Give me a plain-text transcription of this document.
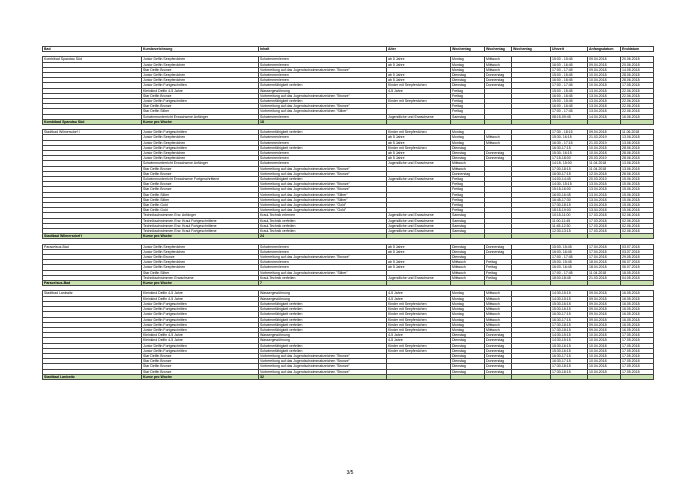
Bad	Kursbezeichnung	Inhalt	Alter	Wochentag	Wochentag	Wochentag	Uhrzeit	Anfangsdatum	Enddatum

Kombibad Spandau Süd	Junior Delfin Seepferdchen	Schwimmenlernen	ab 5 Jahre	Montag	Mittwoch		15:00 - 15:45	09.04.2018	20.06.2018
	Junior Delfin Seepferdchen	Schwimmenlernen	ab 5 Jahre	Montag	Mittwoch		16:00 - 16:45	09.04.2018	20.06.2018
	Star Delfin Bronze	Vorbereitung auf das Jugendschwimmabzeichen "Bronze"		Montag	Mittwoch		17:00 - 17:45	09.04.2018	14.05.2018
	Junior Delfin Seepferdchen	Schwimmenlernen	ab 5 Jahre	Dienstag	Donnerstag		15:00 - 15:45	10.04.2018	28.06.2018
	Junior Delfin Seepferdchen	Schwimmenlernen	ab 5 Jahre	Dienstag	Donnerstag		16:00 - 16:45	10.04.2018	28.06.2018
	Junior Delfin Fortgeschritten	Schwimmfähigkeit verfeilen	Kinder mit Seepferdchen	Dienstag	Donnerstag		17:00 - 17:45	10.04.2018	17.05.2018
	Kleinkind Delfin 4-5 Jahre	Wassergewöhnung	4-5 Jahre	Freitag			15:00 - 15:45	13.04.2018	22.06.2018
	Star Delfin Bronze	Vorbereitung auf das Jugendschwimmabzeichen "Bronze"		Freitag			16:00 - 16:45	13.04.2018	22.06.2018
	Junior Delfin Fortgeschritten	Schwimmfähigkeit verfeilen	Kinder mit Seepferdchen	Freitag			15:00 - 15:45	13.04.2018	22.06.2018
	Star Delfin Bronze	Vorbereitung auf das Jugendschwimmabzeichen "Bronze"		Freitag			16:00 - 16:45	13.04.2018	22.06.2018
	Star Delfin Silber	Vorbereitung auf das Jugendschwimmabzeichen "Silber"		Freitag			17:00 - 17:45	13.04.2018	22.06.2018
	Schwimmunterricht Erwachsene Anfänger	Schwimmenlernen	Jugendliche und Erwachsene	Samstag			08:15-09:45	14.04.2018	16.06.2018
Kombibad Spandau Süd	Kurse pro Woche	18							

Stadtbad Wilmersdorf I	Junior Delfin Fortgeschritten	Schwimmfähigkeit verfeilen	Kinder mit Seepferdchen	Montag			17:30 - 18:15	09.04.2018	11.06.2018
	Junior Delfin Seepferdchen	Schwimmenlernen	ab 5 Jahre	Montag	Mittwoch		15:30- 16:15	21.03.2019	13.06.2018
	Junior Delfin Seepferdchen	Schwimmenlernen	ab 5 Jahre	Montag	Mittwoch		16:30 - 17:15	21.03.2019	13.06.2018
	Junior Delfin Fortgeschritten	Schwimmfähigkeit verfeilen	Kinder mit Seepferdchen	Dienstag			16:30-17:15	10.04.2018	28.06.2018
	Junior Delfin Seepferdchen	Schwimmenlernen	ab 5 Jahre	Dienstag	Donnerstag		15:30- 16:15	10.04.2018	28.06.2018
	Junior Delfin Seepferdchen	Schwimmenlernen	ab 5 Jahre	Dienstag	Donnerstag		17:15-18:00	20.03.2019	28.06.2018
	Schwimmunterricht Erwachsene Anfänger	Schwimmenlernen	Jugendliche und Erwachsene	Mittwoch			14:15- 15:00	11.04.2018	13.06.2018
	Star Delfin Bronze	Vorbereitung auf das Jugendschwimmabzeichen "Bronze"		Mittwoch			17:30-18:15	11.04.2018	13.06.2018
	Star Delfin Bronze	Vorbereitung auf das Jugendschwimmabzeichen "Bronze"		Donnerstag			16:30-17:15	12.04.2018	28.06.2018
	Schwimmunterricht Erwachsene Fortgeschrittene	Schwimmfähigkeit verfeilen	Jugendliche und Erwachsene	Freitag			14:00-14:45	20.03.2019	15.06.2018
	Star Delfin Bronze	Vorbereitung auf das Jugendschwimmabzeichen "Bronze"		Freitag			14:30- 15:15	13.04.2018	15.06.2018
	Star Delfin Bronze	Vorbereitung auf das Jugendschwimmabzeichen "Bronze"		Freitag			15:15-16:00	13.04.2018	15.06.2018
	Star Delfin Silber	Vorbereitung auf das Jugendschwimmabzeichen "Silber"		Freitag			16:00-16:45	13.04.2018	15.06.2018
	Star Delfin Silber	Vorbereitung auf das Jugendschwimmabzeichen "Silber"		Freitag			16:45-17:30	13.04.2018	15.06.2018
	Star Delfin Gold	Vorbereitung auf das Jugendschwimmabzeichen "Gold"		Freitag			17:30-18:15	13.04.2018	15.06.2018
	Star Delfin Gold	Vorbereitung auf das Jugendschwimmabzeichen "Gold"		Freitag			18:15-19:00	13.04.2018	15.06.2018
	Technikschwimmen Erw. Anfänger	Kraul-Technik erlernen	Jugendliche und Erwachsene	Samstag			10:15-11:00	17.03.2018	02.06.2018
	Technikschwimmen Erw. Kraul Fortgeschrittene	Kraul-Technik verfeilen	Jugendliche und Erwachsene	Samstag			11:00-11:45	17.03.2018	02.06.2018
	Technikschwimmen Erw. Kraul Fortgeschrittene	Kraul-Technik verfeilen	Jugendliche und Erwachsene	Samstag			11:45-12:30	17.03.2018	02.06.2018
	Technikschwimmen Erw. Kraul Fortgeschrittene	Kraul-Technik verfeilen	Jugendliche und Erwachsene	Samstag			12:30-13:15	17.03.2018	02.06.2018
Stadtbad Wilmersdorf I	Kurse pro Woche	24							

Paracelsus-Bad	Junior Delfin Seepferdchen	Schwimmenlernen	ab 5 Jahre	Dienstag	Donnerstag		15:00- 15:45	17.04.2018	03.07.2018
	Junior Delfin Seepferdchen	Schwimmenlernen	ab 5 Jahre	Dienstag	Donnerstag		16:00- 16:45	17.04.2018	03.07.2018
	Junior Delfin Bronze	Vorbereitung auf das Jugendschwimmabzeichen "Bronze"		Dienstag			17:00 - 17:45	17.04.2018	29.05.2018
	Junior Delfin Seepferdchen	Schwimmenlernen	ab 5 Jahre	Mittwoch	Freitag		15:00- 15:45	18.04.2018	06.07.2018
	Junior Delfin Seepferdchen	Schwimmenlernen	ab 5 Jahre	Mittwoch	Freitag		16:00- 16:45	18.04.2018	06.07.2018
	Star Delfin Silber	Vorbereitung auf das Jugendschwimmabzeichen "Silber"		Mittwoch	Freitag		17:00 - 17:45	11.04.2018	18.05.2018
	Technikschwimmen Erwachsene	Kraul-Technik verfeilen	Jugendliche und Erwachsene	Mittwoch	Freitag		18:00-18:45	21.03.2018	04.05.2018
Paracelsus-Bad	Kurse pro Woche	7							

Stadtbad Lankwitz	Kleinkind Delfin 4-5 Jahre	Wassergewöhnung	4-5 Jahre	Montag	Mittwoch		14:30-15:15	09.04.2018	16.05.2018
	Kleinkind Delfin 4-5 Jahre	Wassergewöhnung	4-5 Jahre	Montag	Mittwoch		14:30-15:15	09.04.2018	16.05.2018
	Junior Delfin Fortgeschritten	Schwimmfähigkeit verfeilen	Kinder mit Seepferdchen	Montag	Mittwoch		15:30-16:15	09.04.2018	16.05.2018
	Junior Delfin Fortgeschritten	Schwimmfähigkeit verfeilen	Kinder mit Seepferdchen	Montag	Mittwoch		15:30-16:15	09.04.2018	16.05.2018
	Junior Delfin Fortgeschritten	Schwimmfähigkeit verfeilen	Kinder mit Seepferdchen	Montag	Mittwoch		16:30-17:15	09.04.2018	16.05.2018
	Junior Delfin Fortgeschritten	Schwimmfähigkeit verfeilen	Kinder mit Seepferdchen	Montag	Mittwoch		16:30-17:15	09.04.2018	16.05.2018
	Junior Delfin Fortgeschritten	Schwimmfähigkeit verfeilen	Kinder mit Seepferdchen	Montag	Mittwoch		17:30-18:15	09.04.2018	16.05.2018
	Junior Delfin Fortgeschritten	Schwimmfähigkeit verfeilen	Kinder mit Seepferdchen	Montag	Mittwoch		17:30-18:15	09.04.2018	16.05.2018
	Kleinkind Delfin 4-5 Jahre	Wassergewöhnung	4-5 Jahre	Dienstag	Donnerstag		14:30-15:15	10.04.2018	17.05.2018
	Kleinkind Delfin 4-5 Jahre	Wassergewöhnung	4-5 Jahre	Dienstag	Donnerstag		14:30-15:15	10.04.2018	17.05.2018
	Junior Delfin Fortgeschritten	Schwimmfähigkeit verfeilen	Kinder mit Seepferdchen	Dienstag	Donnerstag		15:30-16:15	10.04.2018	17.05.2018
	Junior Delfin Fortgeschritten	Schwimmfähigkeit verfeilen	Kinder mit Seepferdchen	Dienstag	Donnerstag		15:30-16:15	10.04.2018	17.05.2018
	Star Delfin Bronze	Vorbereitung auf das Jugendschwimmabzeichen "Bronze"		Dienstag	Donnerstag		16:30-17:15	10.04.2018	17.05.2018
	Star Delfin Bronze	Vorbereitung auf das Jugendschwimmabzeichen "Bronze"		Dienstag	Donnerstag		16:30-17:15	10.04.2018	17.05.2018
	Star Delfin Bronze	Vorbereitung auf das Jugendschwimmabzeichen "Bronze"		Dienstag	Donnerstag		17:30-18:15	10.04.2018	17.05.2018
	Star Delfin Bronze	Vorbereitung auf das Jugendschwimmabzeichen "Bronze"		Dienstag	Donnerstag		17:30-18:15	10.04.2018	17.05.2018
Stadtbad Lankwitz	Kurse pro Woche	32							
3/5
